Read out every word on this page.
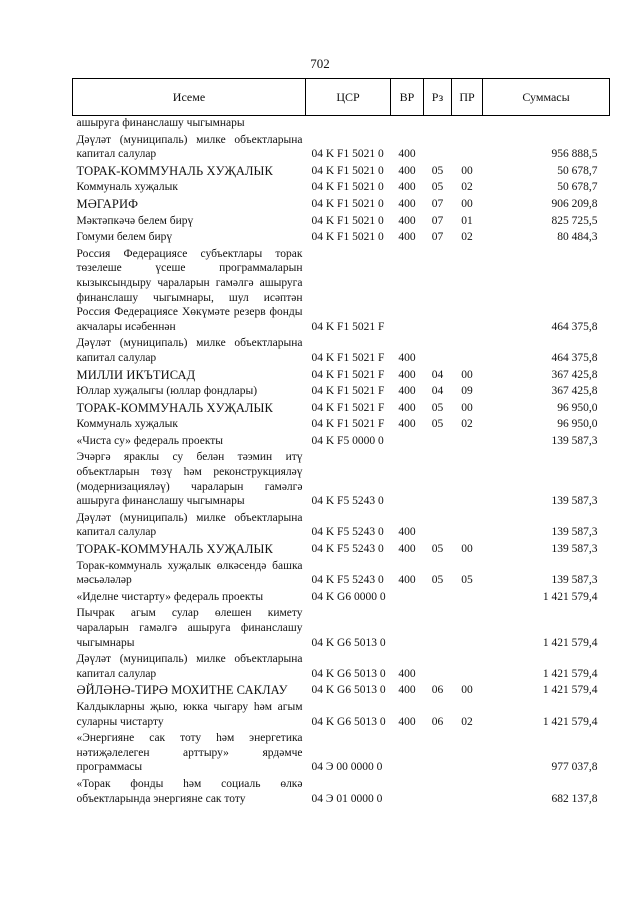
702
Исеме	ЦСР	ВР	Рз	ПР	Суммасы
ашыруга финанслашу чыгымнары					
Дәүләт (муниципаль) милке объектларына капитал салулар	04 K F1 5021 0	400			956 888,5
ТОРАК-КОММУНАЛЬ ХУҖАЛЫК	04 K F1 5021 0	400	05	00	50 678,7
Коммуналь хуҗалык	04 K F1 5021 0	400	05	02	50 678,7
МӘГАРИФ	04 K F1 5021 0	400	07	00	906 209,8
Мәктәпкәчә белем бирү	04 K F1 5021 0	400	07	01	825 725,5
Гомуми белем бирү	04 K F1 5021 0	400	07	02	80 484,3
Россия Федерациясе субъектлары торак төзелеше үсеше программаларын кызыксындыру чараларын гамәлгә ашыруга финанслашу чыгымнары, шул исәптән Россия Федерациясе Хөкүмәте резерв фонды акчалары исәбеннән	04 K F1 5021 F				464 375,8
Дәүләт (муниципаль) милке объектларына капитал салулар	04 K F1 5021 F	400			464 375,8
МИЛЛИ ИКЪТИСАД	04 K F1 5021 F	400	04	00	367 425,8
Юллар хуҗалыгы (юллар фондлары)	04 K F1 5021 F	400	04	09	367 425,8
ТОРАК-КОММУНАЛЬ ХУҖАЛЫК	04 K F1 5021 F	400	05	00	96 950,0
Коммуналь хуҗалык	04 K F1 5021 F	400	05	02	96 950,0
«Чиста су» федераль проекты	04 K F5 0000 0				139 587,3
Эчәргә яраклы су белән тәэмин итү объектларын төзү һәм реконструкцияләү (модернизацияләү) чараларын гамәлгә ашыруга финанслашу чыгымнары	04 K F5 5243 0				139 587,3
Дәүләт (муниципаль) милке объектларына капитал салулар	04 K F5 5243 0	400			139 587,3
ТОРАК-КОММУНАЛЬ ХУҖАЛЫК	04 K F5 5243 0	400	05	00	139 587,3
Торак-коммуналь хуҗалык өлкәсендә башка мәсьәләләр	04 K F5 5243 0	400	05	05	139 587,3
«Иделне чистарту» федераль проекты	04 K G6 0000 0				1 421 579,4
Пычрак агым сулар өлешен кимету чараларын гамәлгә ашыруга финанслашу чыгымнары	04 K G6 5013 0				1 421 579,4
Дәүләт (муниципаль) милке объектларына капитал салулар	04 K G6 5013 0	400			1 421 579,4
ӘЙЛӘНӘ-ТИРӘ МОХИТНЕ САКЛАУ	04 K G6 5013 0	400	06	00	1 421 579,4
Калдыкларны җыю, юкка чыгару һәм агым суларны чистарту	04 K G6 5013 0	400	06	02	1 421 579,4
«Энергияне сак тоту һәм энергетика нәтиҗәлелеген арттыру» ярдәмче программасы	04 Э 00 0000 0				977 037,8
«Торак фонды һәм социаль өлкә объектларында энергияне сак тоту	04 Э 01 0000 0				682 137,8
